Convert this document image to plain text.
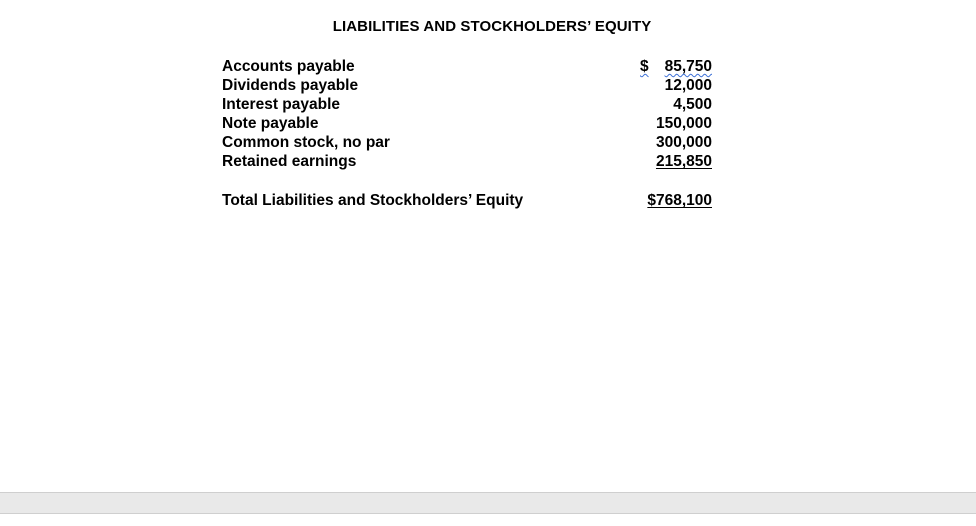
LIABILITIES AND STOCKHOLDERS’ EQUITY
Accounts payable	$ 85,750
Dividends payable	12,000
Interest payable	4,500
Note payable	150,000
Common stock, no par	300,000
Retained earnings	215,850
Total Liabilities and Stockholders’ Equity	$768,100
